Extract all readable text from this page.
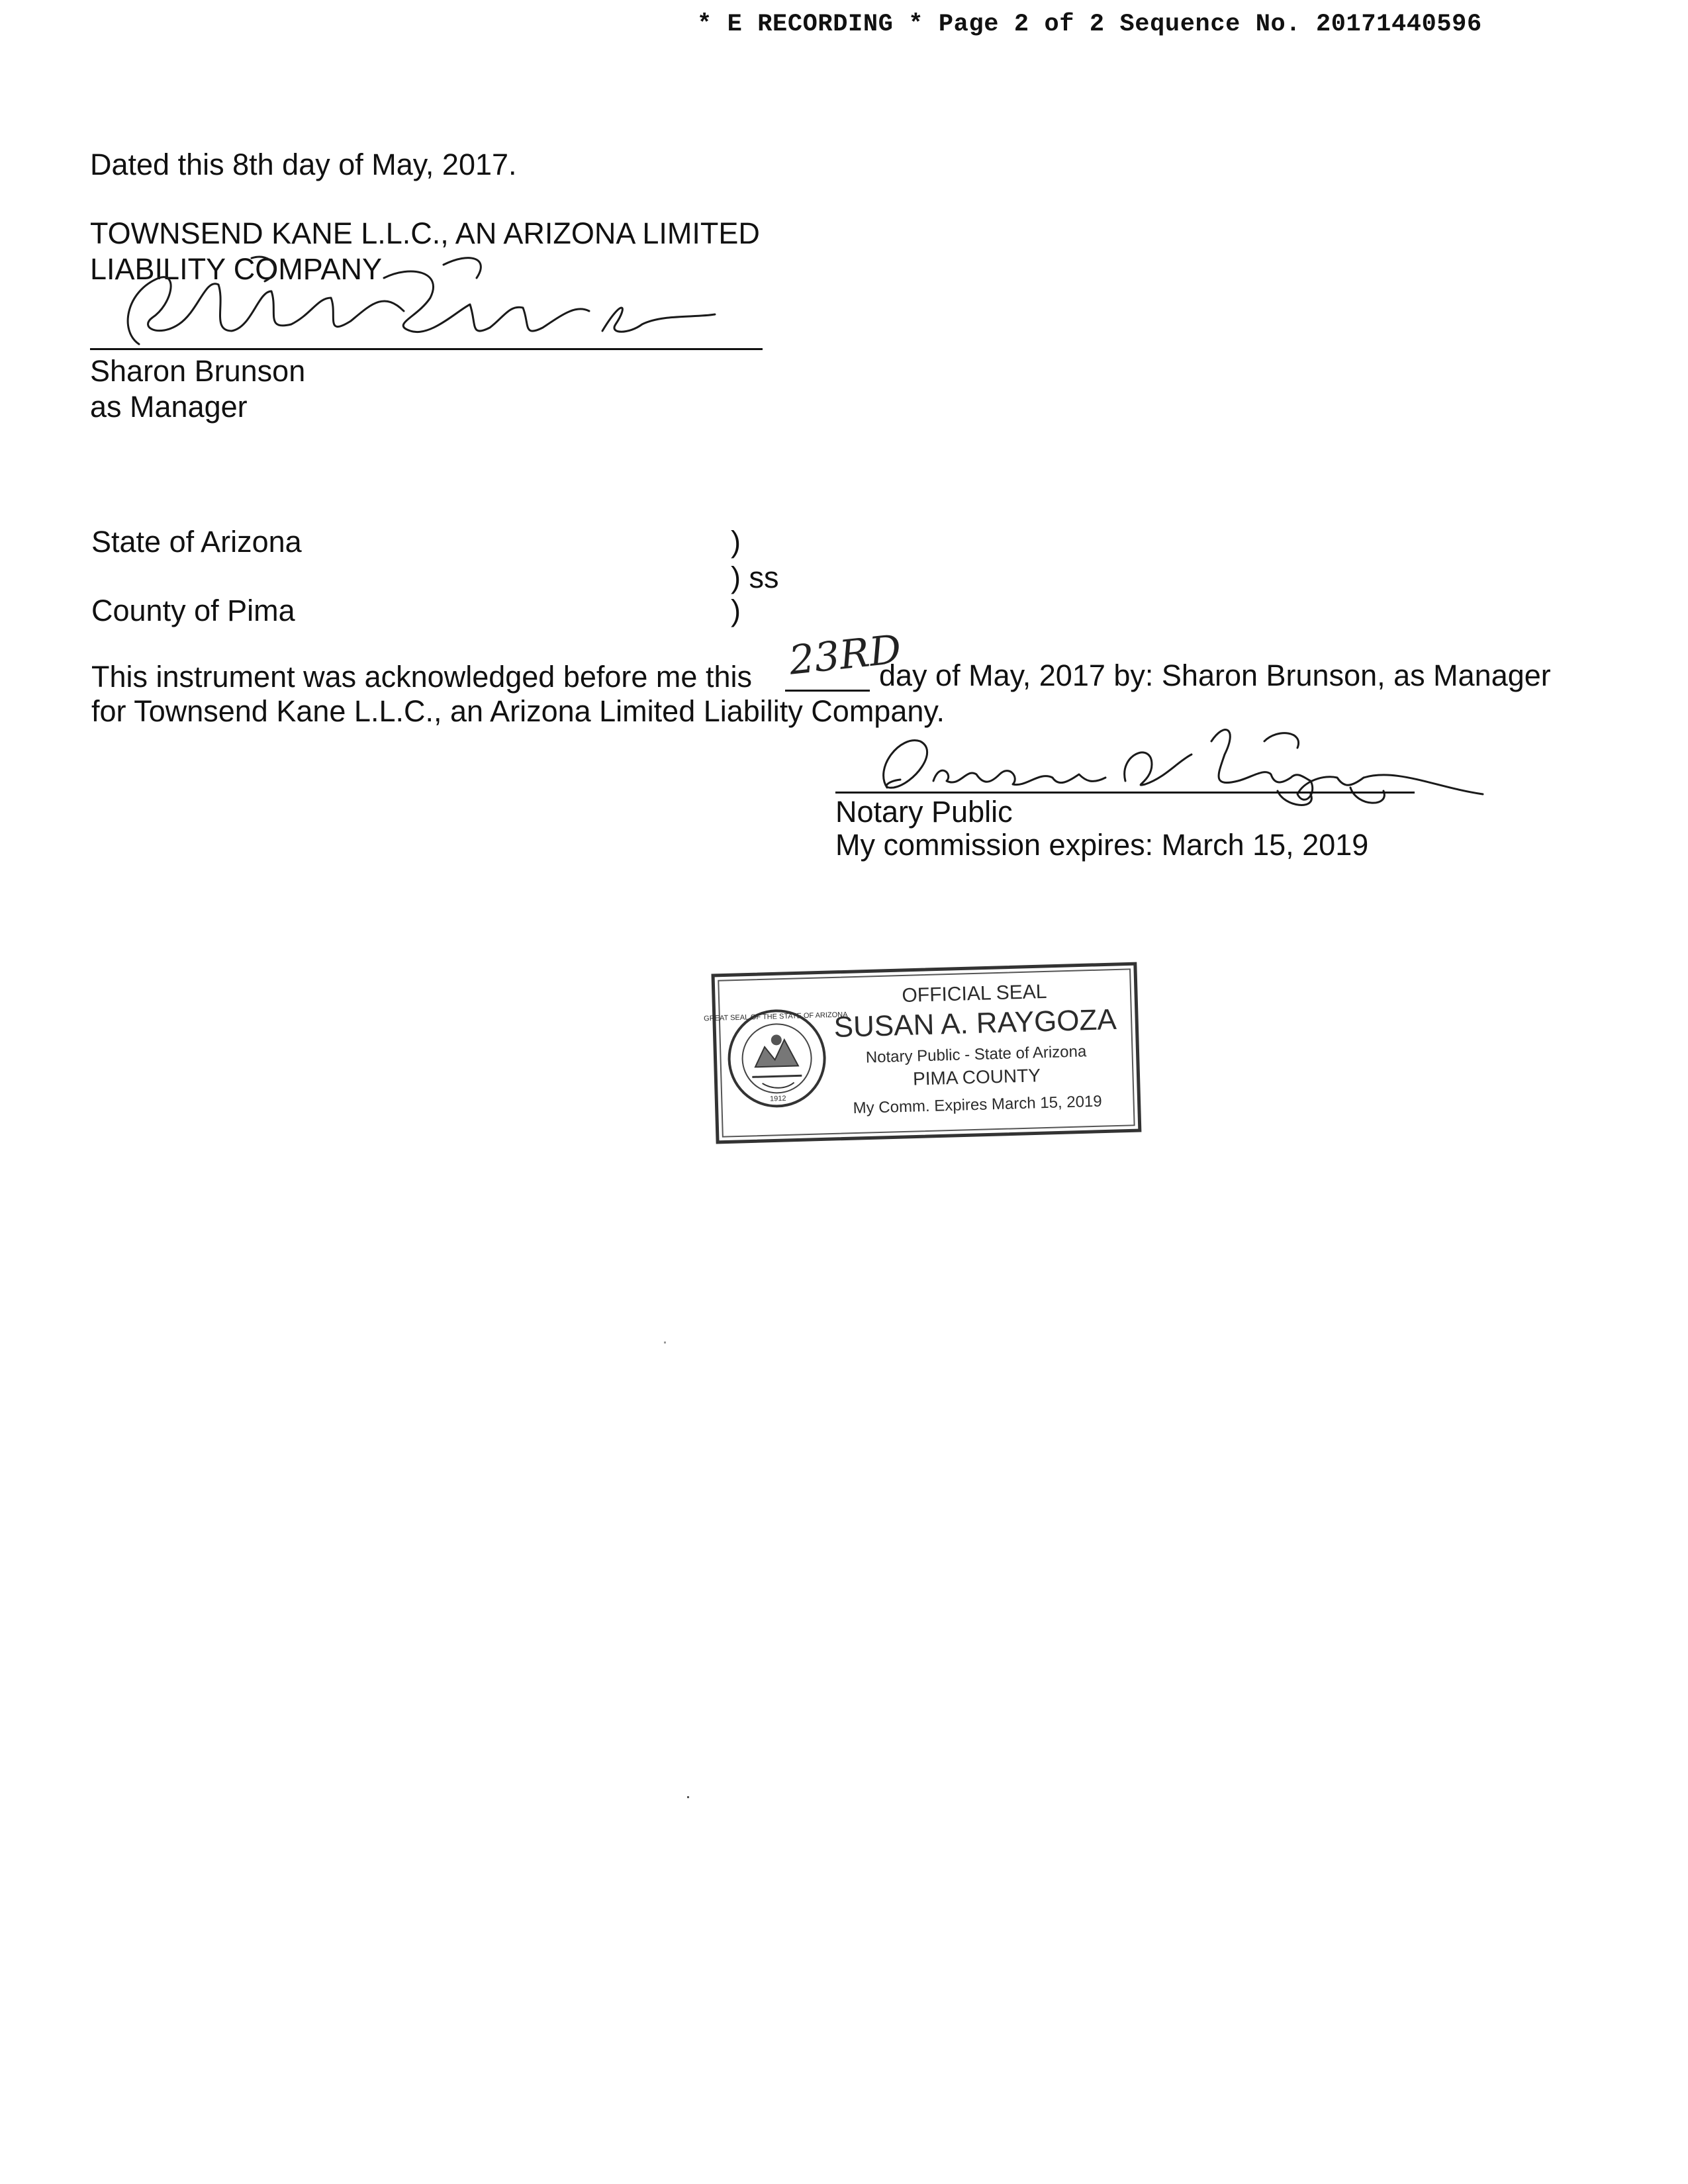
* E RECORDING * Page 2 of 2 Sequence No. 20171440596
Dated this 8th day of May, 2017.
TOWNSEND KANE L.L.C., AN ARIZONA LIMITED
LIABILITY COMPANY
Sharon Brunson
as Manager
State of Arizona	)
) ss
County of Pima	)
This instrument was acknowledged before me this 23RD
day of May, 2017 by: Sharon Brunson, as Manager
for Townsend Kane L.L.C., an Arizona Limited Liability Company.
Notary Public
My commission expires: March 15, 2019
GREAT SEAL OF THE STATE OF ARIZONA
1912
OFFICIAL SEAL
SUSAN A. RAYGOZA
Notary Public - State of Arizona
PIMA COUNTY
My Comm. Expires March 15, 2019
